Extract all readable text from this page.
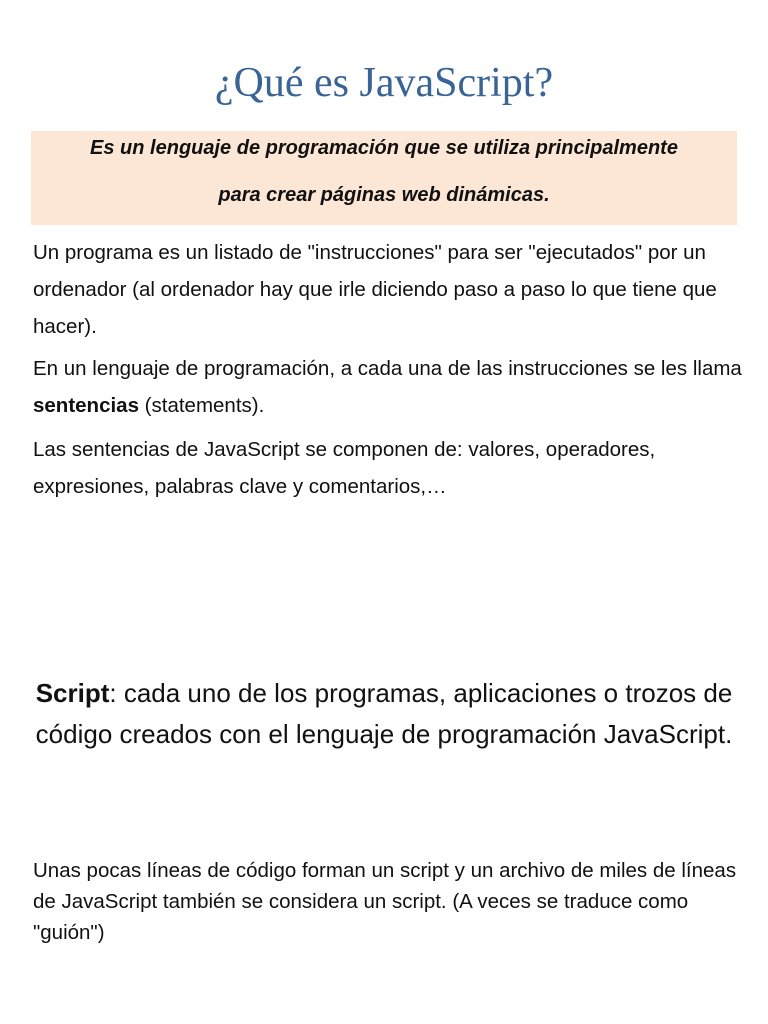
¿Qué es JavaScript?

Es un lenguaje de programación que se utiliza principalmente

para crear páginas web dinámicas.

Un programa es un listado de "instrucciones" para ser "ejecutados" por un ordenador (al ordenador hay que irle diciendo paso a paso lo que tiene que hacer).

En un lenguaje de programación, a cada una de las instrucciones se les llama sentencias (statements).

Las sentencias de JavaScript se componen de: valores, operadores, expresiones, palabras clave y comentarios,…

Script: cada uno de los programas, aplicaciones o trozos de código creados con el lenguaje de programación JavaScript.

Unas pocas líneas de código forman un script y un archivo de miles de líneas de JavaScript también se considera un script. (A veces se traduce como "guión")
